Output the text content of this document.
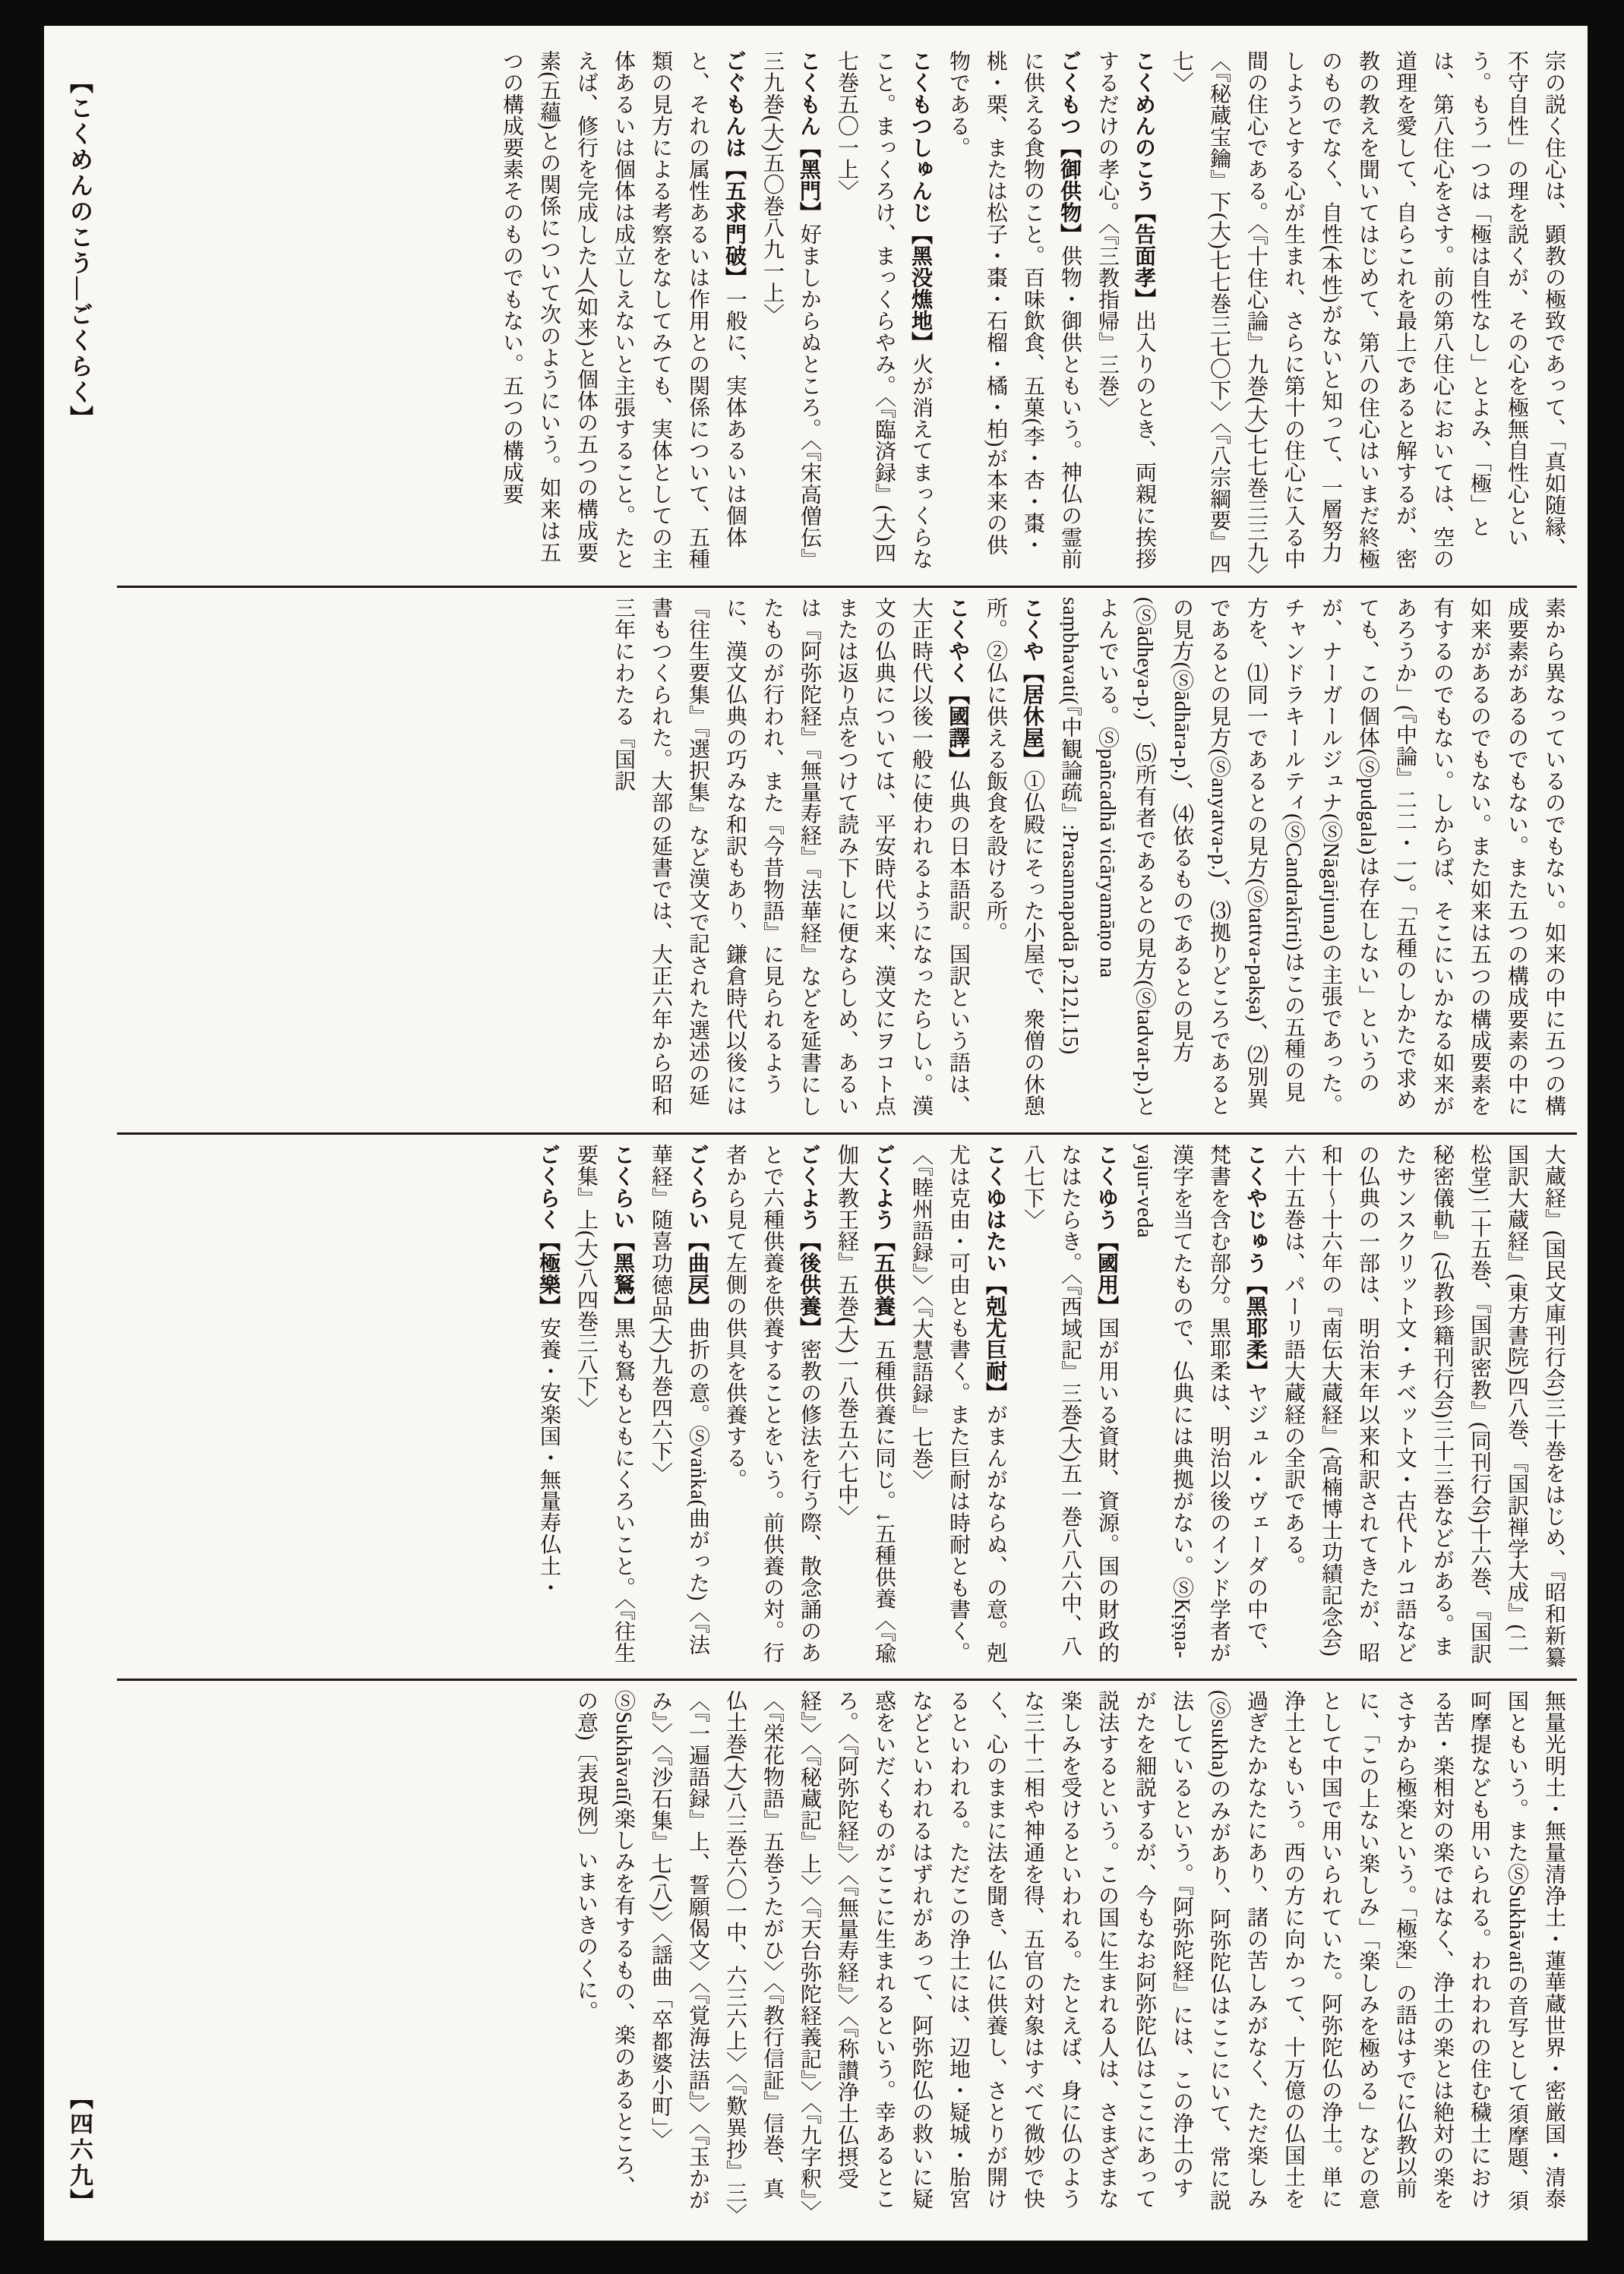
【こくめんのこう―ごくらく】
【四六九】
宗の説く住心は、顕教の極致であって、「真如随縁、不守自性」の理を説くが、その心を極無自性心という。もう一つは「極は自性なし」とよみ、「極」とは、第八住心をさす。前の第八住心においては、空の道理を愛して、自らこれを最上であると解するが、密教の教えを聞いてはじめて、第八の住心はいまだ終極のものでなく、自性(本性)がないと知って、一層努力しようとする心が生まれ、さらに第十の住心に入る中間の住心である。〈『十住心論』九巻(大)七七巻三三九〉〈『秘蔵宝鑰』下(大)七七巻三七〇下〉〈『八宗綱要』四七〉
こくめんのこう【告面孝】出入りのとき、両親に挨拶するだけの孝心。〈『三教指帰』三巻〉
ごくもつ【御供物】供物・御供ともいう。神仏の霊前に供える食物のこと。百味飲食、五菓(李・杏・棗・桃・栗、または松子・棗・石榴・橘・柏)が本来の供物である。
こくもつしゅんじ【黑没燋地】火が消えてまっくらなこと。まっくろけ、まっくらやみ。〈『臨済録』(大)四七巻五〇一上〉
こくもん【黑門】好ましからぬところ。〈『宋高僧伝』三九巻(大)五〇巻八九一上〉
ごぐもんは【五求門破】一般に、実体あるいは個体と、それの属性あるいは作用との関係について、五種類の見方による考察をなしてみても、実体としての主体あるいは個体は成立しえないと主張すること。たとえば、修行を完成した人(如来)と個体の五つの構成要素(五蘊)との関係について次のようにいう。如来は五つの構成要素そのものでもない。五つの構成要
素から異なっているのでもない。如来の中に五つの構成要素があるのでもない。また五つの構成要素の中に如来があるのでもない。また如来は五つの構成要素を有するのでもない。しからば、そこにいかなる如来があろうか」(『中論』二二・一)。「五種のしかたで求めても、この個体(Ⓢpudgala)は存在しない」というのが、ナーガールジュナ(ⓈNāgārjuna)の主張であった。チャンドラキールティ(ⓈCandrakīrti)はこの五種の見方を、⑴同一であるとの見方(Ⓢtattva-pakṣa)、⑵別異であるとの見方(Ⓢanyatva-p.)、⑶拠りどころであるとの見方(Ⓢādhāra-p.)、⑷依るものであるとの見方(Ⓢādheya-p.)、⑸所有者であるとの見方(Ⓢtadvat-p.)とよんでいる。Ⓢpañcadhā vicāryamāṇo na saṃbhavati(『中観論疏』:Prasannapadā p.212,l.15)
こくや【居休屋】①仏殿にそった小屋で、衆僧の休憩所。②仏に供える飯食を設ける所。
こくやく【國譯】仏典の日本語訳。国訳という語は、大正時代以後一般に使われるようになったらしい。漢文の仏典については、平安時代以来、漢文にヲコト点または返り点をつけて読み下しに便ならしめ、あるいは『阿弥陀経』『無量寿経』『法華経』などを延書にしたものが行われ、また『今昔物語』に見られるように、漢文仏典の巧みな和訳もあり、鎌倉時代以後には『往生要集』『選択集』など漢文で記された選述の延書もつくられた。大部の延書では、大正六年から昭和三年にわたる『国訳
大蔵経』(国民文庫刊行会)三十巻をはじめ、『昭和新纂国訳大蔵経』(東方書院)四八巻、『国訳禅学大成』(二松堂)二十五巻、『国訳密教』(同刊行会)十六巻、『国訳秘密儀軌』(仏教珍籍刊行会)三十三巻などがある。またサンスクリット文・チベット文・古代トルコ語などの仏典の一部は、明治末年以来和訳されてきたが、昭和十〜十六年の『南伝大蔵経』(高楠博士功績記念会)六十五巻は、パーリ語大蔵経の全訳である。
こくやじゅう【黑耶柔】ヤジュル・ヴェーダの中で、梵書を含む部分。黒耶柔は、明治以後のインド学者が漢字を当てたもので、仏典には典拠がない。ⓈKṛṣṇa-yajur-veda
こくゆう【國用】国が用いる資財、資源。国の財政的なはたらき。〈『西域記』三巻(大)五一巻八八六中、八八七下〉
こくゆはたい【剋尤巨耐】がまんがならぬ、の意。剋尤は克由・可由とも書く。また巨耐は時耐とも書く。〈『睦州語録』〉〈『大慧語録』七巻〉
ごくよう【五供養】五種供養に同じ。↓五種供養〈『瑜伽大教王経』五巻(大)一八巻五六七中〉
ごくよう【後供養】密教の修法を行う際、散念誦のあとで六種供養を供養することをいう。前供養の対。行者から見て左側の供具を供養する。
ごくらい【曲戻】曲折の意。Ⓢvaṅka(曲がった)〈『法華経』随喜功徳品(大)九巻四六下〉
こくらい【黑鴑】黒も鴑もともにくろいこと。〈『往生要集』上(大)八四巻三八下〉
ごくらく【極樂】安養・安楽国・無量寿仏土・
無量光明土・無量清浄土・蓮華蔵世界・密厳国・清泰国ともいう。またⓈSukhāvatīの音写として須摩題、須呵摩提なども用いられる。われわれの住む穢土における苦・楽相対の楽ではなく、浄土の楽とは絶対の楽をさすから極楽という。「極楽」の語はすでに仏教以前に、「この上ない楽しみ」「楽しみを極める」などの意として中国で用いられていた。阿弥陀仏の浄土。単に浄土ともいう。西の方に向かって、十万億の仏国土を過ぎたかなたにあり、諸の苦しみがなく、ただ楽しみ(Ⓢsukha)のみがあり、阿弥陀仏はここにいて、常に説法しているという。『阿弥陀経』には、この浄土のすがたを細説するが、今もなお阿弥陀仏はここにあって説法するという。この国に生まれる人は、さまざまな楽しみを受けるといわれる。たとえば、身に仏のような三十二相や神通を得、五官の対象はすべて微妙で快く、心のままに法を聞き、仏に供養し、さとりが開けるといわれる。ただこの浄土には、辺地・疑城・胎宮などといわれるはずれがあって、阿弥陀仏の救いに疑惑をいだくものがここに生まれるという。幸あるところ。〈『阿弥陀経』〉〈『無量寿経』〉〈『称讃浄土仏摂受経』〉〈『秘蔵記』上〉〈『天台弥陀経義記』〉〈『九字釈』〉〈『栄花物語』五巻うたがひ〉〈『教行信証』信巻、真仏土巻(大)八三巻六〇一中、六三六上〉〈『歎異抄』三〉〈『一遍語録』上、誓願偈文〉〈『覚海法語』〉〈『玉かがみ』〉〈『沙石集』七(八)〉〈謡曲「卒都婆小町」〉ⓈSukhāvatī(楽しみを有するもの、楽のあるところ、の意)〔表現例〕いまいきのくに。
